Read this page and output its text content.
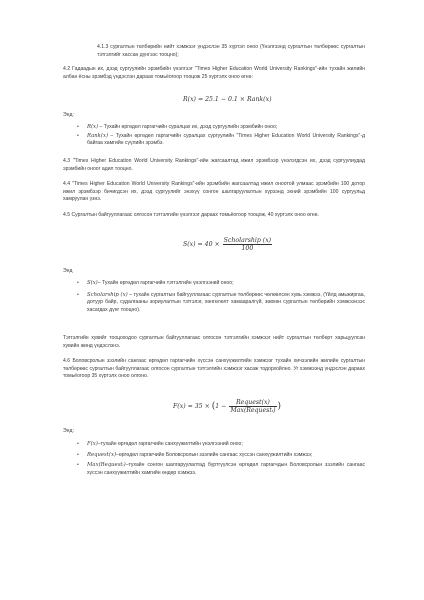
4.1.3 сургалтын төлбөрийн нийт хэмжээг үндэслэн 35 хүртэл оноо (Үнэлгээнд сургалтын төлбөрөөс сургалтын тэтгэлгийг хассан дүнгээс тооцно);

4.2 Гадаадын их, дээд сургуулийн эрэмбийн үнэлгээг "Times Higher Education World University Rankings"-ийн тухайн жилийн албан ёсны эрэмбэд үндэслэн дараах томьёогоор тооцож 25 хүртэлх оноо өгнө:

R(x) = 25.1 − 0.1 × Rank(x)

Энд:

• R(x) – Тухайн өргөдөл гаргагчийн суралцах их, дээд сургуулийн эрэмбийн оноо;
• Rank(x) – Тухайн өргөдөл гаргагчийн суралцах сургуулийн "Times Higher Education World University Rankings"-д байгаа хамгийн сүүлийн эрэмбэ.

4.3 "Times Higher Education World University Rankings"-ийн жагсаалтад ижил эрэмбээр үнэлэгдсэн их, дээд сургуулиудад эрэмбийн оноог адил тооцно.

4.4 "Times Higher Education World University Rankings"-ийн эрэмбийн жагсаалтад ижил оноотой улмаас эрэмбийн 100 дотор ижил эрэмбээр бичигдсэн их, дээд сургуулийг энэхүү сонгон шалгаруулалтын хүрээнд эхний эрэмбийн 100 сургуульд хамруулан үзнэ.

4.5 Сургалтын байгууллагаас олгосон тэтгэлгийн үнэлгээг дараах томьёогоор тооцож, 40 хүртэлх оноо өгнө.

$S(x) = 40 \times \frac{\text{Scholarship (x)}}{100}$

Энд

• S(x)– Тухайн өргөдөл гаргагчийн тэтгэлгийн үнэлгээний оноо;
• Scholarship (x) – тухайн сургалтын байгууллагаас сургалтын төлбөрөөс чөлөөлсөн хувь хэмжээ, (Үйлд амьжиргаа, дотуур байр, судалгааны зориулалтын тэтгэлэг, хөнгөлөлт хамааралгүй, зөвхөн сургалтын төлбөрийн хэмжээнээс хасагдах дүнг тооцно).

Тэтгэлгийн хувийг тооцоходоо сургалтын байгууллагаас олгосон тэтгэлгийн хэмжээг нийт сургалтын төлбөрт харьцуулсан хувийн жинд үндэслэнэ.

4.6 Боловсролын зээлийн сангаас өргөдөл гаргагчийн хүссэн санхүүжилтийн хэмжээг тухайн хичээлийн жилийн сургалтын төлбөрөөс сургалтын байгууллагаас олгосон сургалтын тэтгэлгийн хэмжээг хасаж тодорхойлно. Уг хэмжээнд үндэслэн дараах томьёогоор 35 хүртэлх оноо олгоно.

$F(x) = 35 \times (1 - \frac{\text{Request(x)}}{\text{Max(Requestᵢ)}}$ )

Энд:

• F(x)–тухайн өргөдөл гаргагчийн санхүүжилтийн үнэлгээний оноо;
• Request(x)–өргөдөл гаргагчийн Боловсролын зээлийн сангаас хүссэн санхүүжилтийн хэмжээ;
• Max(Requestᵢ)–тухайн сонгон шалгаруулалтад бүртгүүлсэн өргөдөл гаргагчдын Боловсролын зээлийн сангаас хүссэн санхүүжилтийн хамгийн өндөр хэмжээ.
